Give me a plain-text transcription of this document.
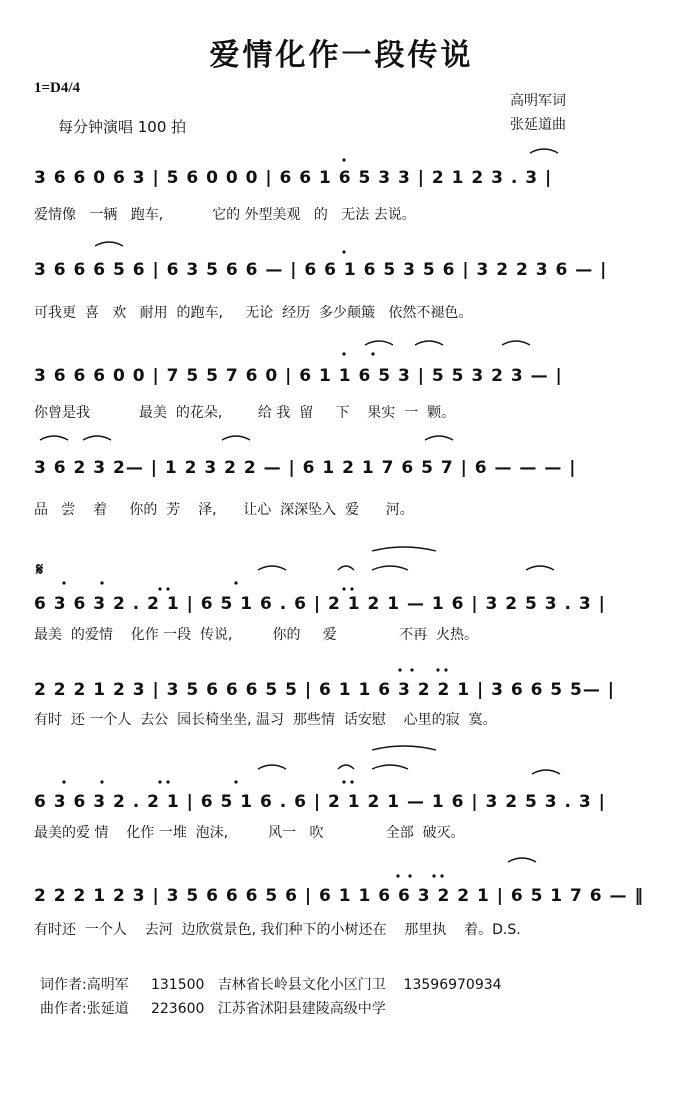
爱情化作一段传说
1=D4/4
每分钟演唱 100 拍
高明军词
张延道曲
3 6 6 0 6 3 | 5 6 0 0 0 | 6 6 1 6 5 3 3 | 2 1 2 3 . 3 |
爱情像   一辆   跑车,           它的 外型美观   的   无法 去说。
3 6 6 6 5 6 | 6 3 5 6 6 — | 6 6 1 6 5 3 5 6 | 3 2 2 3 6 — |
可我更  喜   欢   耐用  的跑车,     无论  经历  多少颠簸   依然不褪色。
3 6 6 6 0 0 | 7 5 5 7 6 0 | 6 1 1 6 5 3 | 5 5 3 2 3 — |
你曾是我           最美  的花朵,        给 我  留     下    果实  一  颗。
3 6 2 3 2— | 1 2 3 2 2 — | 6 1 2 1 7 6 5 7 | 6 — — — |
品   尝    着     你的  芳    泽,      让心  深深坠入  爱      河。
𝄋
6 3 6 3 2 . 2 1 | 6 5 1 6 . 6 | 2 1 2 1 — 1 6 | 3 2 5 3 . 3 |
最美  的爱情    化作 一段  传说,         你的     爱              不再  火热。
2 2 2 1 2 3 | 3 5 6 6 6 5 5 | 6 1 1 6 3 2 2 1 | 3 6 6 5 5— |
有时  还 一个人  去公  园长椅坐坐, 温习  那些情  话安慰    心里的寂  寞。
6 3 6 3 2 . 2 1 | 6 5 1 6 . 6 | 2 1 2 1 — 1 6 | 3 2 5 3 . 3 |
最美的爱 情    化作 一堆  泡沫,         风一   吹              全部  破灭。
2 2 2 1 2 3 | 3 5 6 6 6 5 6 | 6 1 1 6 6 3 2 2 1 | 6 5 1 7 6 — ‖
有时还  一个人    去河  边欣赏景色, 我们种下的小树还在    那里执    着。D.S.
词作者:高明军     131500   吉林省长岭县文化小区门卫    13596970934
曲作者:张延道     223600   江苏省沭阳县建陵高级中学
